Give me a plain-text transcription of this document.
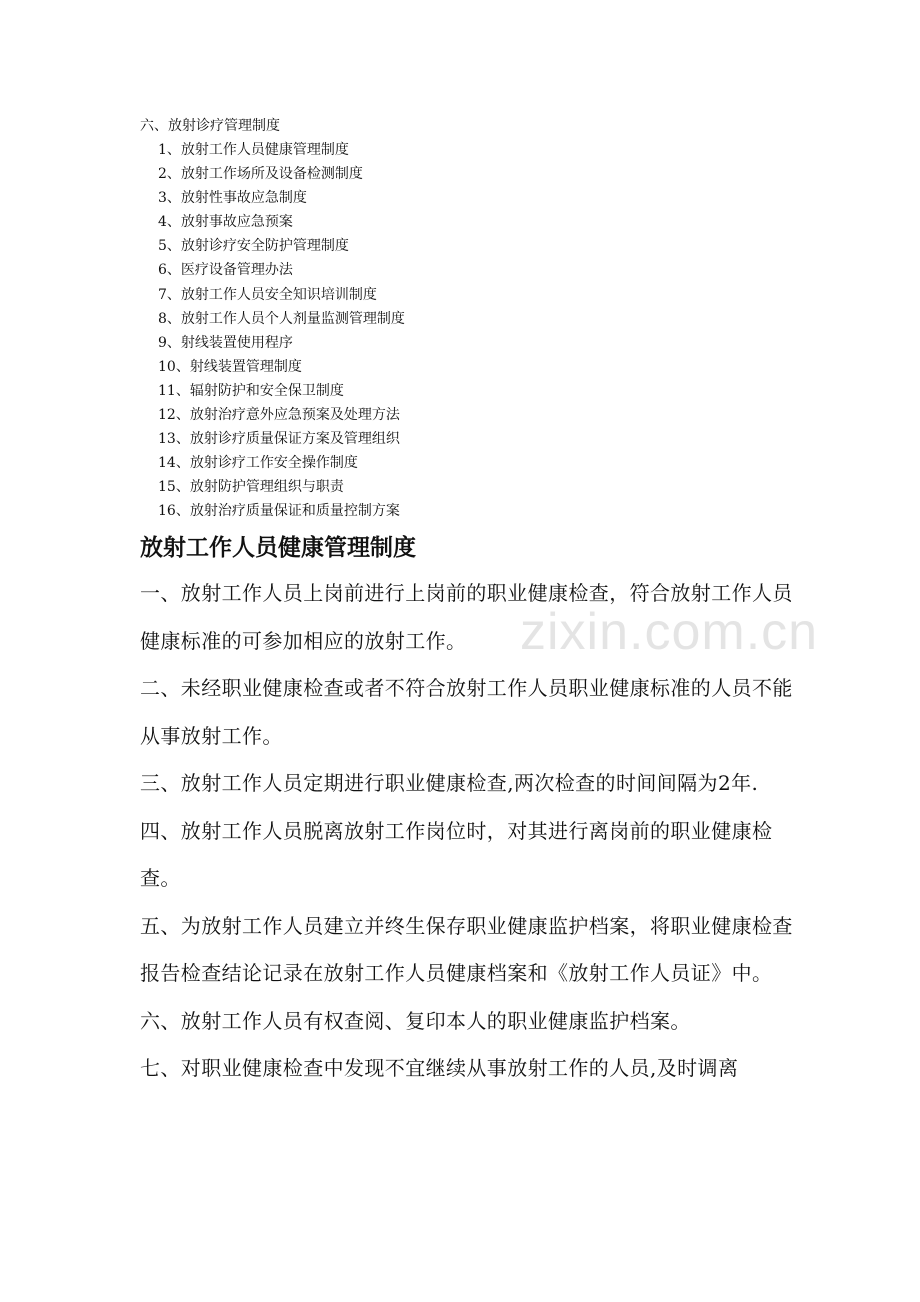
六、放射诊疗管理制度
1、放射工作人员健康管理制度
2、放射工作场所及设备检测制度
3、放射性事故应急制度
4、放射事故应急预案
5、放射诊疗安全防护管理制度
6、医疗设备管理办法
7、放射工作人员安全知识培训制度
8、放射工作人员个人剂量监测管理制度
9、射线装置使用程序
10、射线装置管理制度
11、辐射防护和安全保卫制度
12、放射治疗意外应急预案及处理方法
13、放射诊疗质量保证方案及管理组织
14、放射诊疗工作安全操作制度
15、放射防护管理组织与职责
16、放射治疗质量保证和质量控制方案
放射工作人员健康管理制度

一、放射工作人员上岗前进行上岗前的职业健康检查，符合放射工作人员健康标准的可参加相应的放射工作。

二、未经职业健康检查或者不符合放射工作人员职业健康标准的人员不能从事放射工作。

三、放射工作人员定期进行职业健康检查,两次检查的时间间隔为2年.

四、放射工作人员脱离放射工作岗位时，对其进行离岗前的职业健康检查。

五、为放射工作人员建立并终生保存职业健康监护档案，将职业健康检查报告检查结论记录在放射工作人员健康档案和《放射工作人员证》中。

六、放射工作人员有权查阅、复印本人的职业健康监护档案。

七、对职业健康检查中发现不宜继续从事放射工作的人员,及时调离

zixin.com.cn
